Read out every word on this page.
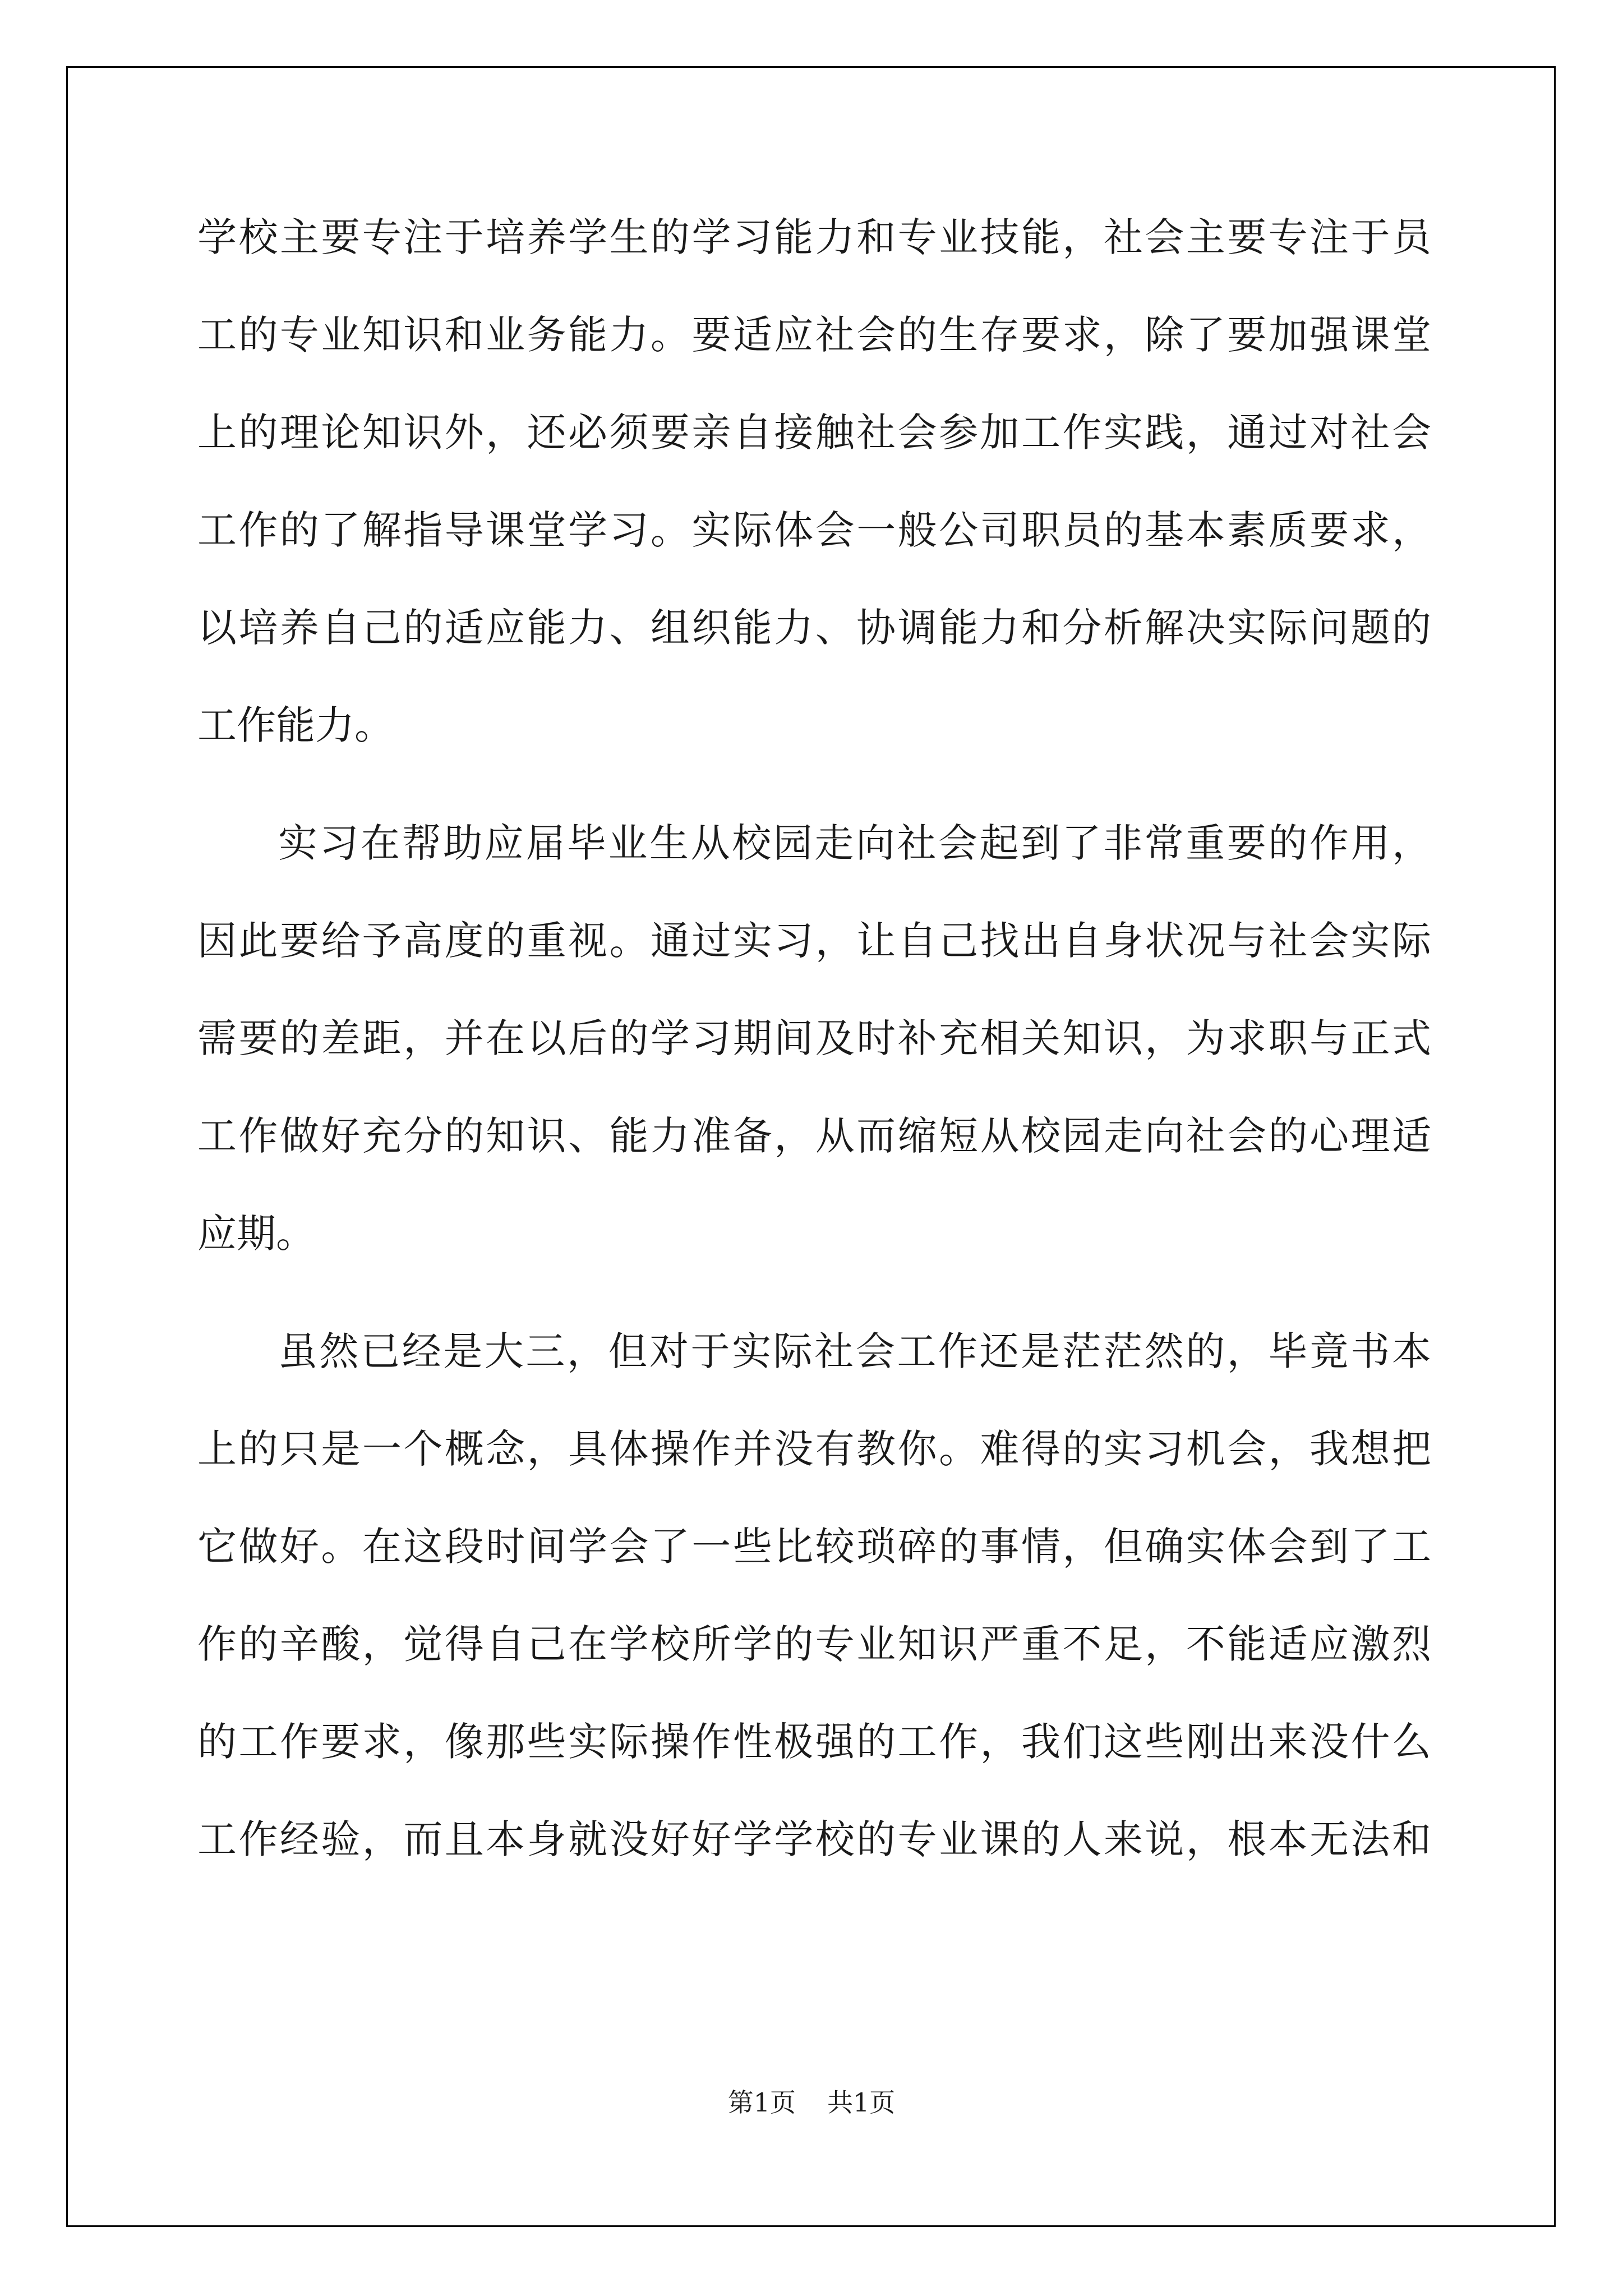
学校主要专注于培养学生的学习能力和专业技能，社会主要专注于员
工的专业知识和业务能力。要适应社会的生存要求，除了要加强课堂
上的理论知识外，还必须要亲自接触社会参加工作实践，通过对社会
工作的了解指导课堂学习。实际体会一般公司职员的基本素质要求，
以培养自己的适应能力、组织能力、协调能力和分析解决实际问题的
工作能力。
实习在帮助应届毕业生从校园走向社会起到了非常重要的作用，
因此要给予高度的重视。通过实习，让自己找出自身状况与社会实际
需要的差距，并在以后的学习期间及时补充相关知识，为求职与正式
工作做好充分的知识、能力准备，从而缩短从校园走向社会的心理适
应期。
虽然已经是大三，但对于实际社会工作还是茫茫然的，毕竟书本
上的只是一个概念，具体操作并没有教你。难得的实习机会，我想把
它做好。在这段时间学会了一些比较琐碎的事情，但确实体会到了工
作的辛酸，觉得自己在学校所学的专业知识严重不足，不能适应激烈
的工作要求，像那些实际操作性极强的工作，我们这些刚出来没什么
工作经验，而且本身就没好好学学校的专业课的人来说，根本无法和
第1页 共1页
